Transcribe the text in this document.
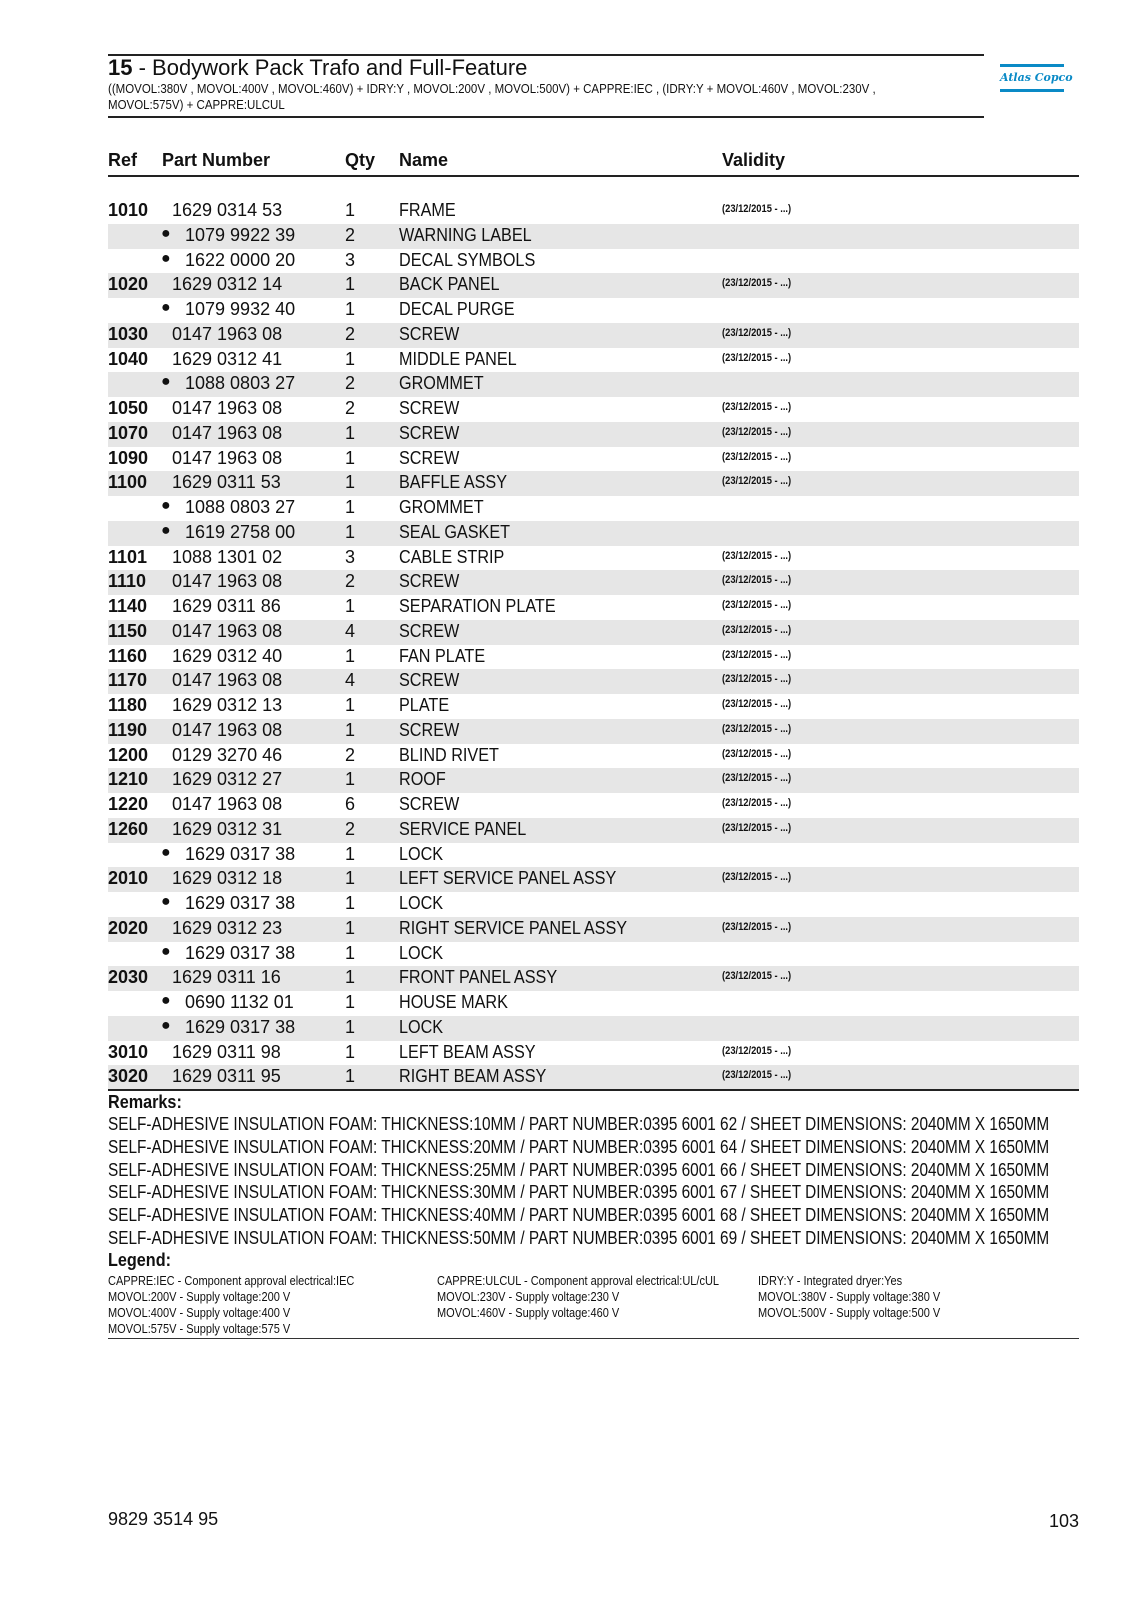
15 - Bodywork Pack Trafo and Full-Feature
((MOVOL:380V , MOVOL:400V , MOVOL:460V) + IDRY:Y , MOVOL:200V , MOVOL:500V) + CAPPRE:IEC , (IDRY:Y + MOVOL:460V , MOVOL:230V , MOVOL:575V) + CAPPRE:ULCUL
Atlas Copco
Ref Part Number	Qty Name	Validity
1010 1629 0314 53	1 FRAME	(23/12/2015 - ...)
● 1079 9922 39	2 WARNING LABEL
● 1622 0000 20	3 DECAL SYMBOLS
1020 1629 0312 14	1 BACK PANEL	(23/12/2015 - ...)
● 1079 9932 40	1 DECAL PURGE
1030 0147 1963 08	2 SCREW	(23/12/2015 - ...)
1040 1629 0312 41	1 MIDDLE PANEL	(23/12/2015 - ...)
● 1088 0803 27	2 GROMMET
1050 0147 1963 08	2 SCREW	(23/12/2015 - ...)
1070 0147 1963 08	1 SCREW	(23/12/2015 - ...)
1090 0147 1963 08	1 SCREW	(23/12/2015 - ...)
1100 1629 0311 53	1 BAFFLE ASSY	(23/12/2015 - ...)
● 1088 0803 27	1 GROMMET
● 1619 2758 00	1 SEAL GASKET
1101 1088 1301 02	3 CABLE STRIP	(23/12/2015 - ...)
1110 0147 1963 08	2 SCREW	(23/12/2015 - ...)
1140 1629 0311 86	1 SEPARATION PLATE	(23/12/2015 - ...)
1150 0147 1963 08	4 SCREW	(23/12/2015 - ...)
1160 1629 0312 40	1 FAN PLATE	(23/12/2015 - ...)
1170 0147 1963 08	4 SCREW	(23/12/2015 - ...)
1180 1629 0312 13	1 PLATE	(23/12/2015 - ...)
1190 0147 1963 08	1 SCREW	(23/12/2015 - ...)
1200 0129 3270 46	2 BLIND RIVET	(23/12/2015 - ...)
1210 1629 0312 27	1 ROOF	(23/12/2015 - ...)
1220 0147 1963 08	6 SCREW	(23/12/2015 - ...)
1260 1629 0312 31	2 SERVICE PANEL	(23/12/2015 - ...)
● 1629 0317 38	1 LOCK
2010 1629 0312 18	1 LEFT SERVICE PANEL ASSY	(23/12/2015 - ...)
● 1629 0317 38	1 LOCK
2020 1629 0312 23	1 RIGHT SERVICE PANEL ASSY	(23/12/2015 - ...)
● 1629 0317 38	1 LOCK
2030 1629 0311 16	1 FRONT PANEL ASSY	(23/12/2015 - ...)
● 0690 1132 01	1 HOUSE MARK
● 1629 0317 38	1 LOCK
3010 1629 0311 98	1 LEFT BEAM ASSY	(23/12/2015 - ...)
3020 1629 0311 95	1 RIGHT BEAM ASSY	(23/12/2015 - ...)
Remarks:
SELF-ADHESIVE INSULATION FOAM: THICKNESS:10MM / PART NUMBER:0395 6001 62 / SHEET DIMENSIONS: 2040MM X 1650MM
SELF-ADHESIVE INSULATION FOAM: THICKNESS:20MM / PART NUMBER:0395 6001 64 / SHEET DIMENSIONS: 2040MM X 1650MM
SELF-ADHESIVE INSULATION FOAM: THICKNESS:25MM / PART NUMBER:0395 6001 66 / SHEET DIMENSIONS: 2040MM X 1650MM
SELF-ADHESIVE INSULATION FOAM: THICKNESS:30MM / PART NUMBER:0395 6001 67 / SHEET DIMENSIONS: 2040MM X 1650MM
SELF-ADHESIVE INSULATION FOAM: THICKNESS:40MM / PART NUMBER:0395 6001 68 / SHEET DIMENSIONS: 2040MM X 1650MM
SELF-ADHESIVE INSULATION FOAM: THICKNESS:50MM / PART NUMBER:0395 6001 69 / SHEET DIMENSIONS: 2040MM X 1650MM
Legend:
CAPPRE:IEC - Component approval electrical:IEC
MOVOL:200V - Supply voltage:200 V
MOVOL:400V - Supply voltage:400 V
MOVOL:575V - Supply voltage:575 V
CAPPRE:ULCUL - Component approval electrical:UL/cUL
MOVOL:230V - Supply voltage:230 V
MOVOL:460V - Supply voltage:460 V
IDRY:Y - Integrated dryer:Yes
MOVOL:380V - Supply voltage:380 V
MOVOL:500V - Supply voltage:500 V
9829 3514 95	103
